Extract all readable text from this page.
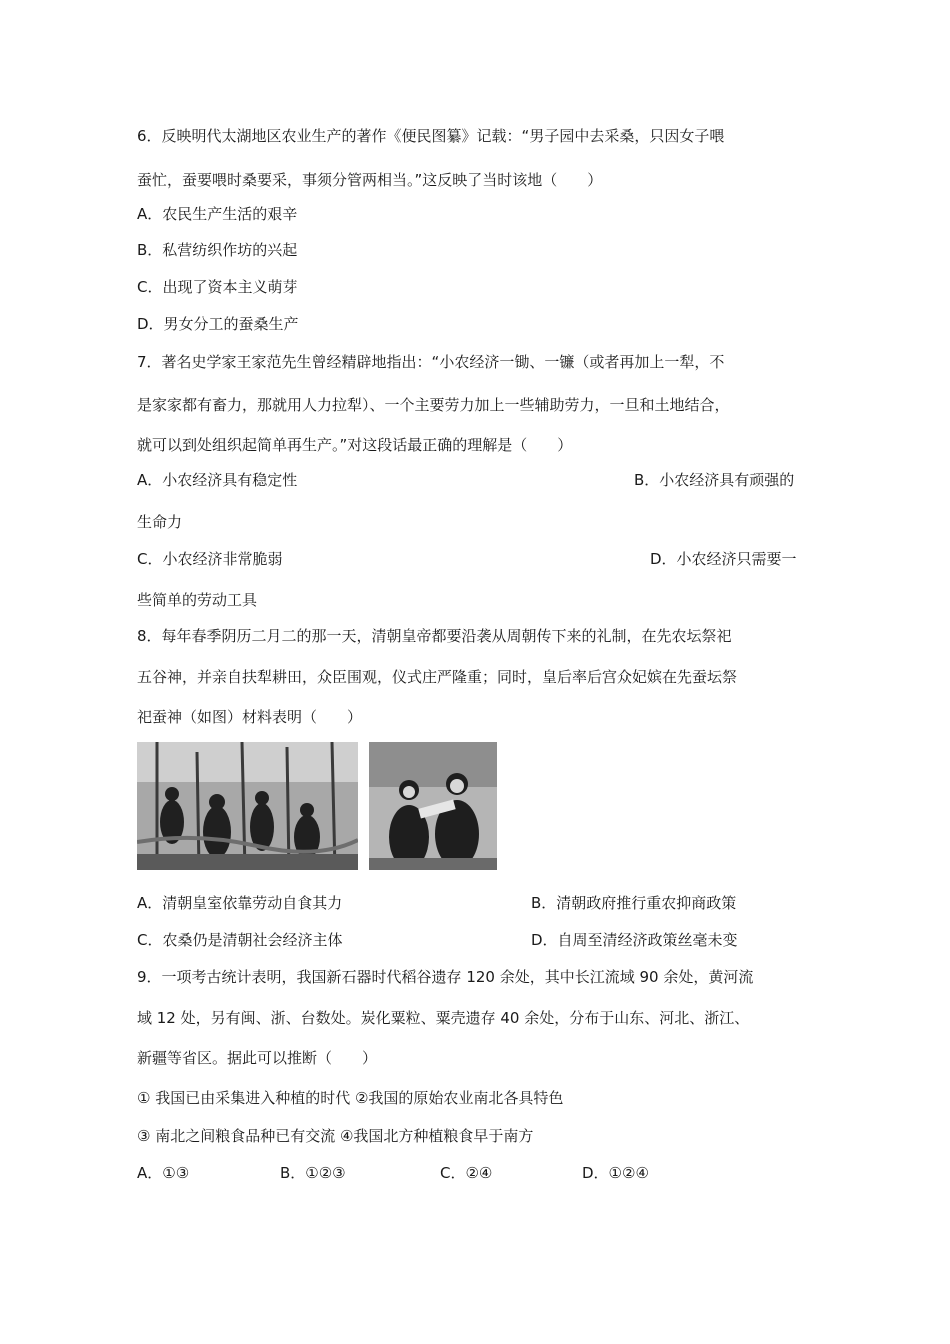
6．反映明代太湖地区农业生产的著作《便民图纂》记载：“男子园中去采桑，只因女子喂
蚕忙，蚕要喂时桑要采，事须分管两相当。”这反映了当时该地（　　）
A．农民生产生活的艰辛
B．私营纺织作坊的兴起
C．出现了资本主义萌芽
D．男女分工的蚕桑生产
7．著名史学家王家范先生曾经精辟地指出：“小农经济一锄、一镰（或者再加上一犁，不
是家家都有畜力，那就用人力拉犁）、一个主要劳力加上一些辅助劳力，一旦和土地结合，
就可以到处组织起简单再生产。”对这段话最正确的理解是（　　）
A．小农经济具有稳定性	B．小农经济具有顽强的
生命力
C．小农经济非常脆弱	D．小农经济只需要一
些简单的劳动工具
8．每年春季阴历二月二的那一天，清朝皇帝都要沿袭从周朝传下来的礼制，在先农坛祭祀
五谷神，并亲自扶犁耕田，众臣围观，仪式庄严隆重；同时，皇后率后宫众妃嫔在先蚕坛祭
祀蚕神（如图）材料表明（　　）
A．清朝皇室依靠劳动自食其力	B．清朝政府推行重农抑商政策
C．农桑仍是清朝社会经济主体	D．自周至清经济政策丝毫未变
9．一项考古统计表明，我国新石器时代稻谷遗存 120 余处，其中长江流域 90 余处，黄河流
域 12 处，另有闽、浙、台数处。炭化粟粒、粟壳遗存 40 余处，分布于山东、河北、浙江、
新疆等省区。据此可以推断（　　）
① 我国已由采集进入种植的时代 ②我国的原始农业南北各具特色
③ 南北之间粮食品种已有交流 ④我国北方种植粮食早于南方
A．①③	B．①②③	C．②④	D．①②④
